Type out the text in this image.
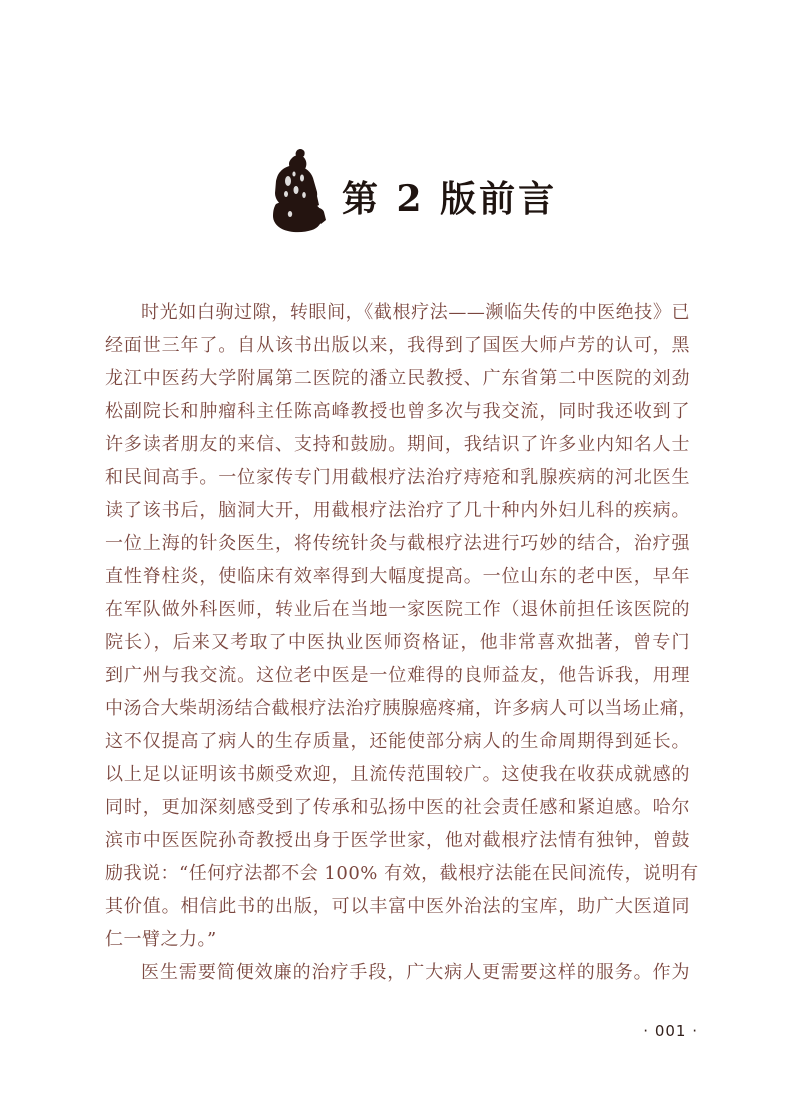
第 2 版前言
时光如白驹过隙，转眼间，《截根疗法——濒临失传的中医绝技》已
经面世三年了。自从该书出版以来，我得到了国医大师卢芳的认可，黑
龙江中医药大学附属第二医院的潘立民教授、广东省第二中医院的刘劲
松副院长和肿瘤科主任陈高峰教授也曾多次与我交流，同时我还收到了
许多读者朋友的来信、支持和鼓励。期间，我结识了许多业内知名人士
和民间高手。一位家传专门用截根疗法治疗痔疮和乳腺疾病的河北医生
读了该书后，脑洞大开，用截根疗法治疗了几十种内外妇儿科的疾病。
一位上海的针灸医生，将传统针灸与截根疗法进行巧妙的结合，治疗强
直性脊柱炎，使临床有效率得到大幅度提高。一位山东的老中医，早年
在军队做外科医师，转业后在当地一家医院工作（退休前担任该医院的
院长），后来又考取了中医执业医师资格证，他非常喜欢拙著，曾专门
到广州与我交流。这位老中医是一位难得的良师益友，他告诉我，用理
中汤合大柴胡汤结合截根疗法治疗胰腺癌疼痛，许多病人可以当场止痛，
这不仅提高了病人的生存质量，还能使部分病人的生命周期得到延长。
以上足以证明该书颇受欢迎，且流传范围较广。这使我在收获成就感的
同时，更加深刻感受到了传承和弘扬中医的社会责任感和紧迫感。哈尔
滨市中医医院孙奇教授出身于医学世家，他对截根疗法情有独钟，曾鼓
励我说：“任何疗法都不会 100% 有效，截根疗法能在民间流传，说明有
其价值。相信此书的出版，可以丰富中医外治法的宝库，助广大医道同
仁一臂之力。”
医生需要简便效廉的治疗手段，广大病人更需要这样的服务。作为
· 001 ·
